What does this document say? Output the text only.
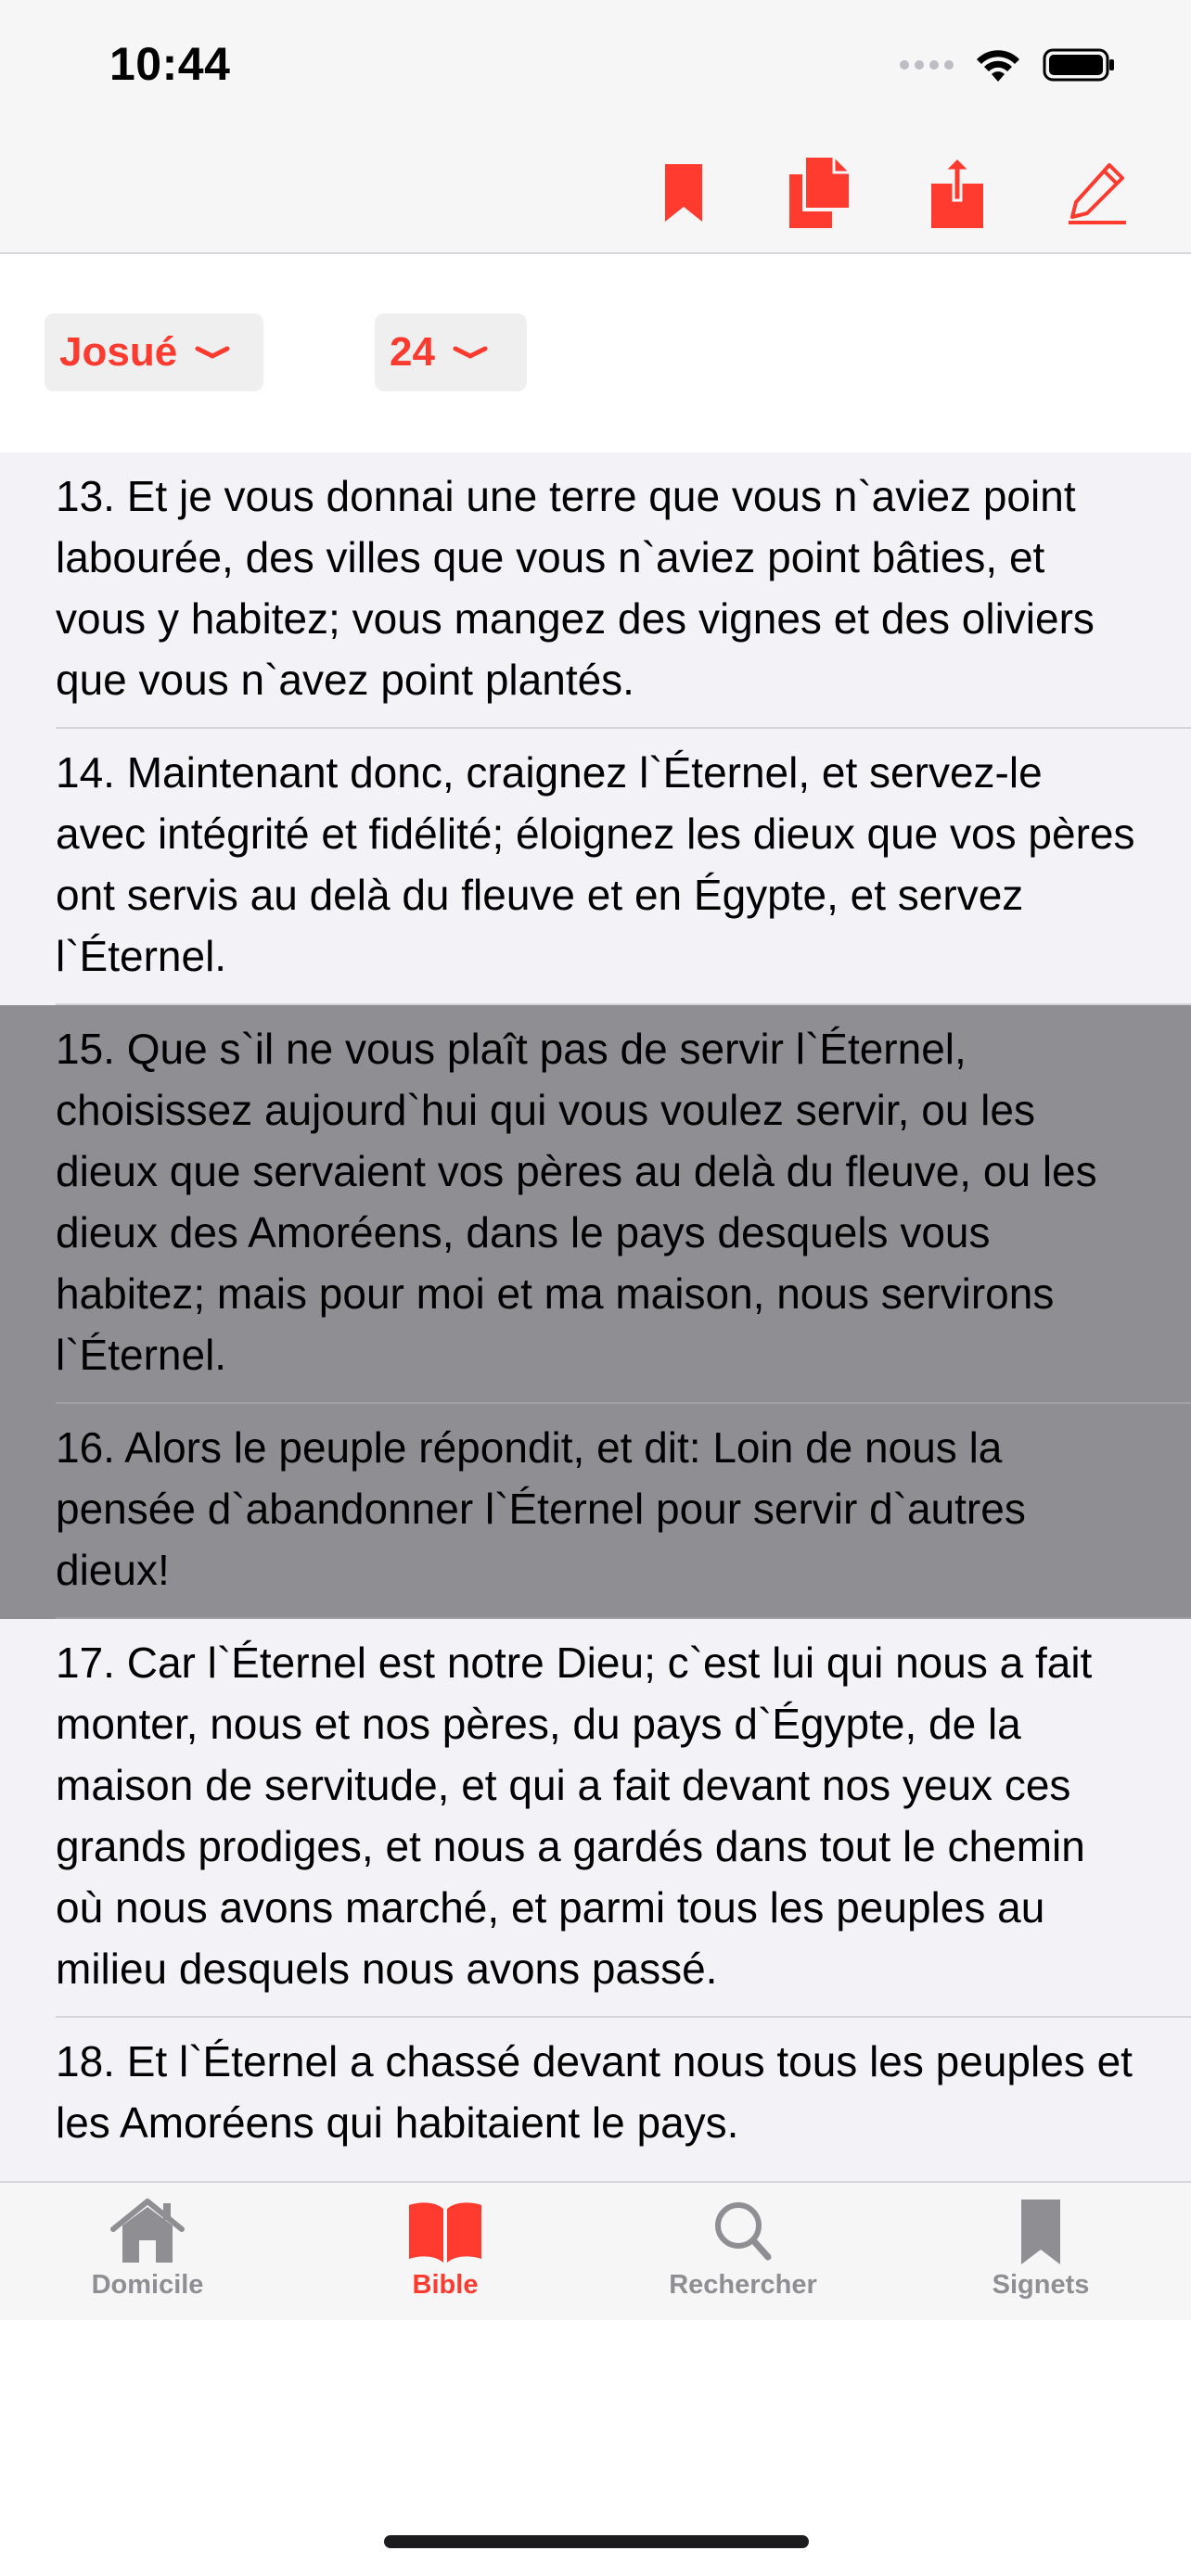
10:44
Josué	24
13. Et je vous donnai une terre que vous n`aviez point labourée, des villes que vous n`aviez point bâties, et vous y habitez; vous mangez des vignes et des oliviers que vous n`avez point plantés.
14. Maintenant donc, craignez l`Éternel, et servez-le avec intégrité et fidélité; éloignez les dieux que vos pères ont servis au delà du fleuve et en Égypte, et servez l`Éternel.
15. Que s`il ne vous plaît pas de servir l`Éternel, choisissez aujourd`hui qui vous voulez servir, ou les dieux que servaient vos pères au delà du fleuve, ou les dieux des Amoréens, dans le pays desquels vous habitez; mais pour moi et ma maison, nous servirons l`Éternel.
16. Alors le peuple répondit, et dit: Loin de nous la pensée d`abandonner l`Éternel pour servir d`autres dieux!
17. Car l`Éternel est notre Dieu; c`est lui qui nous a fait monter, nous et nos pères, du pays d`Égypte, de la maison de servitude, et qui a fait devant nos yeux ces grands prodiges, et nous a gardés dans tout le chemin où nous avons marché, et parmi tous les peuples au milieu desquels nous avons passé.
18. Et l`Éternel a chassé devant nous tous les peuples et les Amoréens qui habitaient le pays.
Domicile	Bible	Rechercher	Signets
